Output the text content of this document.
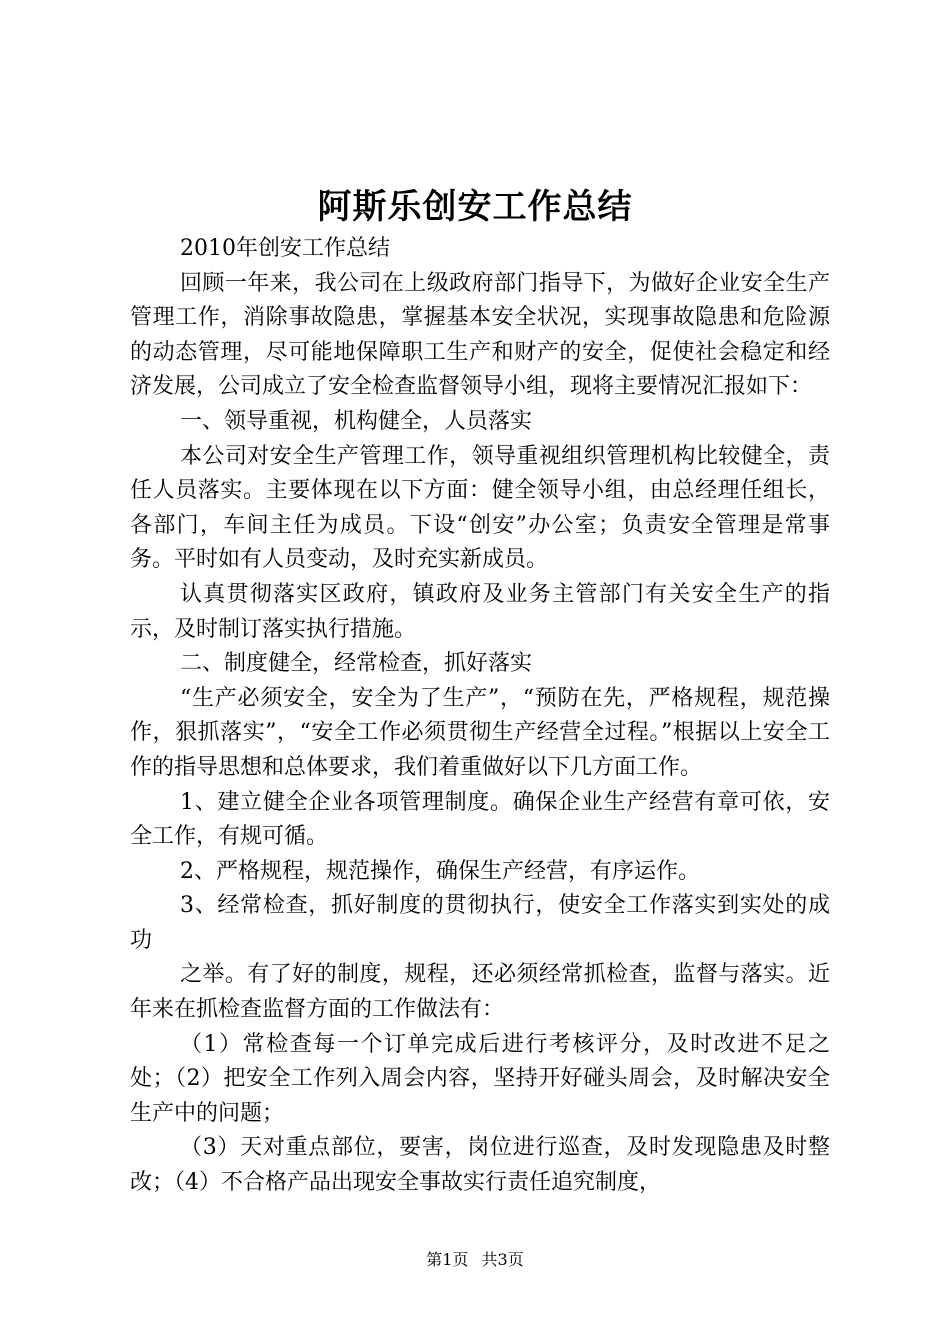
阿斯乐创安工作总结

2010年创安工作总结

回顾一年来，我公司在上级政府部门指导下，为做好企业安全生产管理工作，消除事故隐患，掌握基本安全状况，实现事故隐患和危险源的动态管理，尽可能地保障职工生产和财产的安全，促使社会稳定和经济发展，公司成立了安全检查监督领导小组，现将主要情况汇报如下：

一、领导重视，机构健全，人员落实

本公司对安全生产管理工作，领导重视组织管理机构比较健全，责任人员落实。主要体现在以下方面：健全领导小组，由总经理任组长，各部门，车间主任为成员。下设“创安”办公室；负责安全管理是常事务。平时如有人员变动，及时充实新成员。

认真贯彻落实区政府，镇政府及业务主管部门有关安全生产的指示，及时制订落实执行措施。

二、制度健全，经常检查，抓好落实

“生产必须安全，安全为了生产”，“预防在先，严格规程，规范操作，狠抓落实”，“安全工作必须贯彻生产经营全过程。”根据以上安全工作的指导思想和总体要求，我们着重做好以下几方面工作。

1、建立健全企业各项管理制度。确保企业生产经营有章可依，安全工作，有规可循。

2、严格规程，规范操作，确保生产经营，有序运作。

3、经常检查，抓好制度的贯彻执行，使安全工作落实到实处的成功

之举。有了好的制度，规程，还必须经常抓检查，监督与落实。近年来在抓检查监督方面的工作做法有：

（1）常检查每一个订单完成后进行考核评分，及时改进不足之处；（2）把安全工作列入周会内容，坚持开好碰头周会，及时解决安全生产中的问题；

（3）天对重点部位，要害，岗位进行巡查，及时发现隐患及时整改；（4）不合格产品出现安全事故实行责任追究制度，

第1页 共3页
